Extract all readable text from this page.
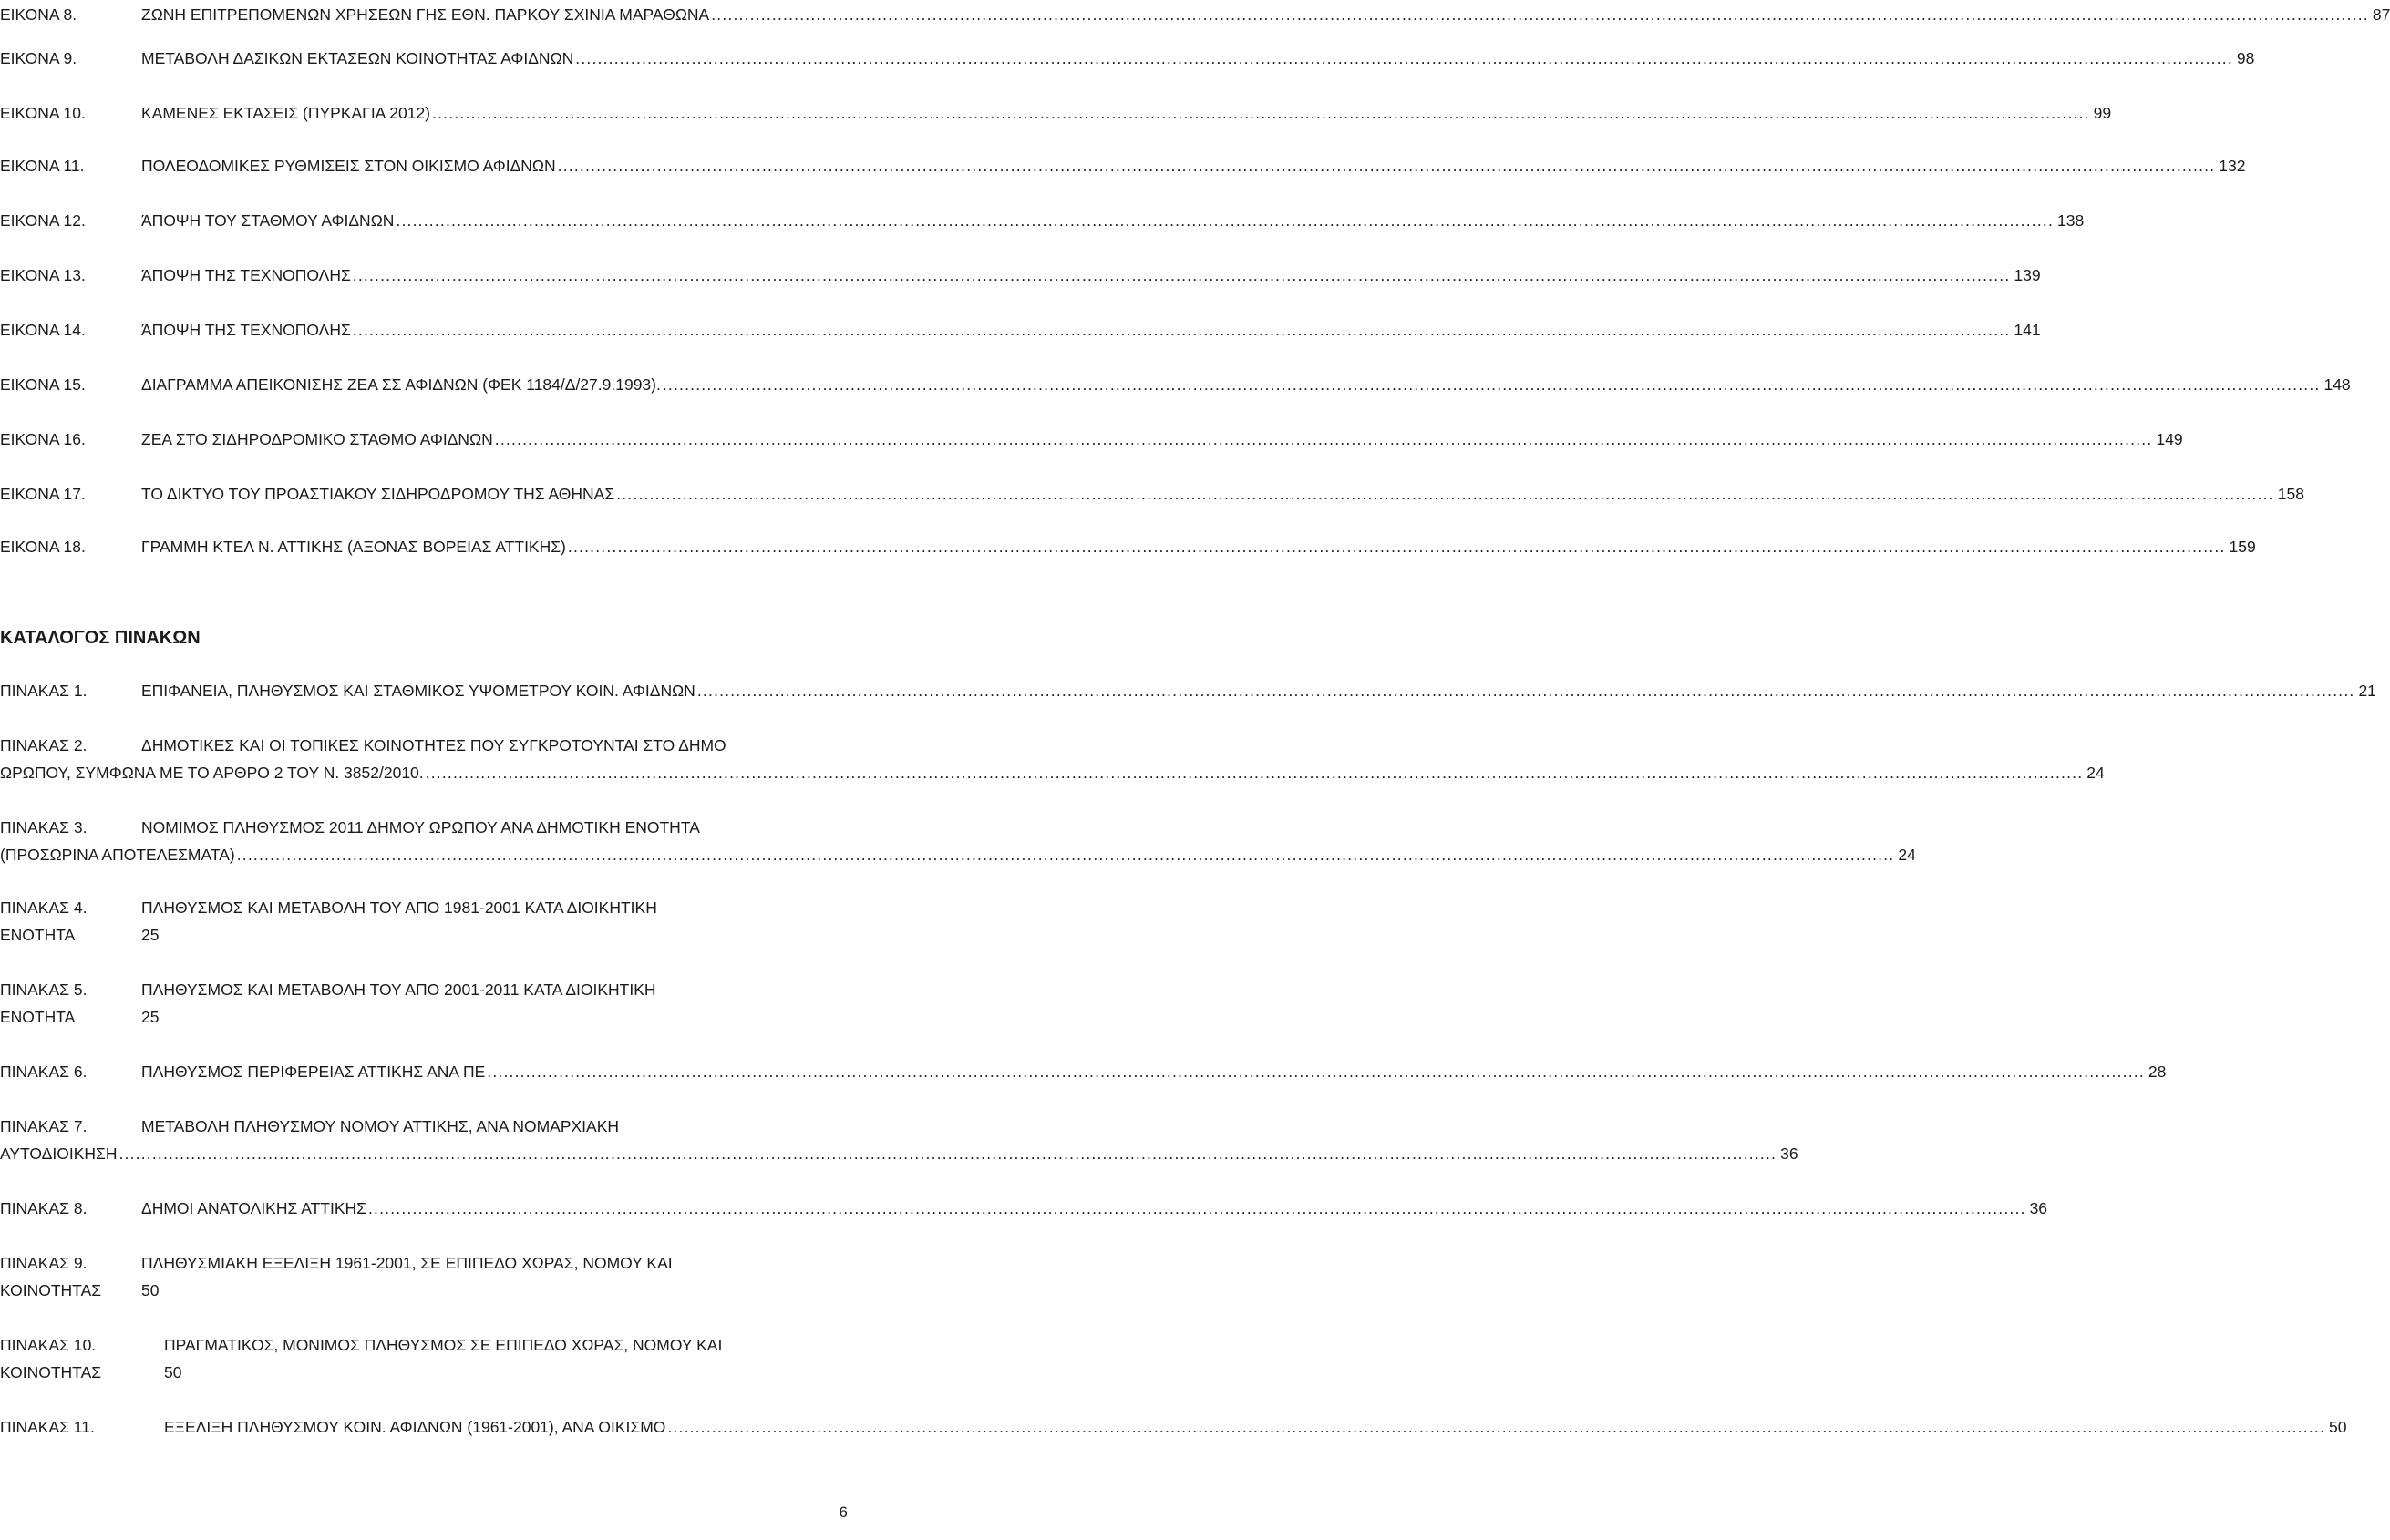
ΕΙΚΟΝΑ 8.	ΖΩΝΗ ΕΠΙΤΡΕΠΟΜΕΝΩΝ ΧΡΗΣΕΩΝ ΓΗΣ ΕΘΝ. ΠΑΡΚΟΥ ΣΧΙΝΙΑ ΜΑΡΑΘΩΝΑ ............................................................................................................................................................................................................................................................................................................ 87
ΕΙΚΟΝΑ 9.	ΜΕΤΑΒΟΛΗ ΔΑΣΙΚΩΝ ΕΚΤΑΣΕΩΝ ΚΟΙΝΟΤΗΤΑΣ ΑΦΙΔΝΩΝ ............................................................................................................................................................................................................................................................................................................ 98
ΕΙΚΟΝΑ 10.	ΚΑΜΕΝΕΣ ΕΚΤΑΣΕΙΣ (ΠΥΡΚΑΓΙΑ 2012) ............................................................................................................................................................................................................................................................................................................ 99
ΕΙΚΟΝΑ 11.	ΠΟΛΕΟΔΟΜΙΚΕΣ ΡΥΘΜΙΣΕΙΣ ΣΤΟΝ ΟΙΚΙΣΜΟ ΑΦΙΔΝΩΝ ............................................................................................................................................................................................................................................................................................................ 132
ΕΙΚΟΝΑ 12.	ΆΠΟΨΗ ΤΟΥ ΣΤΑΘΜΟΥ ΑΦΙΔΝΩΝ ............................................................................................................................................................................................................................................................................................................ 138
ΕΙΚΟΝΑ 13.	ΆΠΟΨΗ ΤΗΣ ΤΕΧΝΟΠΟΛΗΣ ............................................................................................................................................................................................................................................................................................................ 139
ΕΙΚΟΝΑ 14.	ΆΠΟΨΗ ΤΗΣ ΤΕΧΝΟΠΟΛΗΣ ............................................................................................................................................................................................................................................................................................................ 141
ΕΙΚΟΝΑ 15.	ΔΙΑΓΡΑΜΜΑ ΑΠΕΙΚΟΝΙΣΗΣ ΖΕΑ ΣΣ ΑΦΙΔΝΩΝ (ΦΕΚ 1184/Δ/27.9.1993). ............................................................................................................................................................................................................................................................................................................ 148
ΕΙΚΟΝΑ 16.	ΖΕΑ ΣΤΟ ΣΙΔΗΡΟΔΡΟΜΙΚΟ ΣΤΑΘΜΟ ΑΦΙΔΝΩΝ ............................................................................................................................................................................................................................................................................................................ 149
ΕΙΚΟΝΑ 17.	ΤΟ ΔΙΚΤΥΟ ΤΟΥ ΠΡΟΑΣΤΙΑΚΟΥ ΣΙΔΗΡΟΔΡΟΜΟΥ ΤΗΣ ΑΘΗΝΑΣ ............................................................................................................................................................................................................................................................................................................ 158
ΕΙΚΟΝΑ 18.	ΓΡΑΜΜΗ ΚΤΕΛ Ν. ΑΤΤΙΚΗΣ (ΑΞΟΝΑΣ ΒΟΡΕΙΑΣ ΑΤΤΙΚΗΣ) ............................................................................................................................................................................................................................................................................................................ 159
ΚΑΤΑΛΟΓΟΣ ΠΙΝΑΚΩΝ
ΠΙΝΑΚΑΣ 1.	ΕΠΙΦΑΝΕΙΑ, ΠΛΗΘΥΣΜΟΣ ΚΑΙ ΣΤΑΘΜΙΚΟΣ ΥΨΟΜΕΤΡΟΥ ΚΟΙΝ. ΑΦΙΔΝΩΝ ............................................................................................................................................................................................................................................................................................................ 21
ΠΙΝΑΚΑΣ 2.	ΔΗΜΟΤΙΚΕΣ ΚΑΙ ΟΙ ΤΟΠΙΚΕΣ ΚΟΙΝΟΤΗΤΕΣ ΠΟΥ ΣΥΓΚΡΟΤΟΥΝΤΑΙ ΣΤΟ ΔΗΜΟ
ΩΡΩΠΟΥ, ΣΥΜΦΩΝΑ ΜΕ ΤΟ ΑΡΘΡΟ 2 ΤΟΥ Ν. 3852/2010. ............................................................................................................................................................................................................................................................................................................ 24
ΠΙΝΑΚΑΣ 3.	ΝΟΜΙΜΟΣ ΠΛΗΘΥΣΜΟΣ 2011 ΔΗΜΟΥ ΩΡΩΠΟΥ ΑΝΑ ΔΗΜΟΤΙΚΗ ΕΝΟΤΗΤΑ
(ΠΡΟΣΩΡΙΝΑ ΑΠΟΤΕΛΕΣΜΑΤΑ) ............................................................................................................................................................................................................................................................................................................ 24
ΠΙΝΑΚΑΣ 4.	ΠΛΗΘΥΣΜΟΣ ΚΑΙ ΜΕΤΑΒΟΛΗ ΤΟΥ ΑΠΟ 1981-2001 ΚΑΤΑ ΔΙΟΙΚΗΤΙΚΗ
ΕΝΟΤΗΤΑ	25
ΠΙΝΑΚΑΣ 5.	ΠΛΗΘΥΣΜΟΣ ΚΑΙ ΜΕΤΑΒΟΛΗ ΤΟΥ ΑΠΟ 2001-2011 ΚΑΤΑ ΔΙΟΙΚΗΤΙΚΗ
ΕΝΟΤΗΤΑ	25
ΠΙΝΑΚΑΣ 6.	ΠΛΗΘΥΣΜΟΣ ΠΕΡΙΦΕΡΕΙΑΣ ΑΤΤΙΚΗΣ ΑΝΑ ΠΕ ............................................................................................................................................................................................................................................................................................................ 28
ΠΙΝΑΚΑΣ 7.	ΜΕΤΑΒΟΛΗ ΠΛΗΘΥΣΜΟΥ ΝΟΜΟΥ ΑΤΤΙΚΗΣ, ΑΝΑ ΝΟΜΑΡΧΙΑΚΗ
ΑΥΤΟΔΙΟΙΚΗΣΗ ............................................................................................................................................................................................................................................................................................................ 36
ΠΙΝΑΚΑΣ 8.	ΔΗΜΟΙ ΑΝΑΤΟΛΙΚΗΣ ΑΤΤΙΚΗΣ ............................................................................................................................................................................................................................................................................................................ 36
ΠΙΝΑΚΑΣ 9.	ΠΛΗΘΥΣΜΙΑΚΗ ΕΞΕΛΙΞΗ 1961-2001, ΣΕ ΕΠΙΠΕΔΟ ΧΩΡΑΣ, ΝΟΜΟΥ ΚΑΙ
ΚΟΙΝΟΤΗΤΑΣ	50
ΠΙΝΑΚΑΣ 10.	ΠΡΑΓΜΑΤΙΚΟΣ, ΜΟΝΙΜΟΣ ΠΛΗΘΥΣΜΟΣ ΣΕ ΕΠΙΠΕΔΟ ΧΩΡΑΣ, ΝΟΜΟΥ ΚΑΙ
ΚΟΙΝΟΤΗΤΑΣ	50
ΠΙΝΑΚΑΣ 11.	ΕΞΕΛΙΞΗ ΠΛΗΘΥΣΜΟΥ ΚΟΙΝ. ΑΦΙΔΝΩΝ (1961-2001), ΑΝΑ ΟΙΚΙΣΜΟ ............................................................................................................................................................................................................................................................................................................ 50
6
